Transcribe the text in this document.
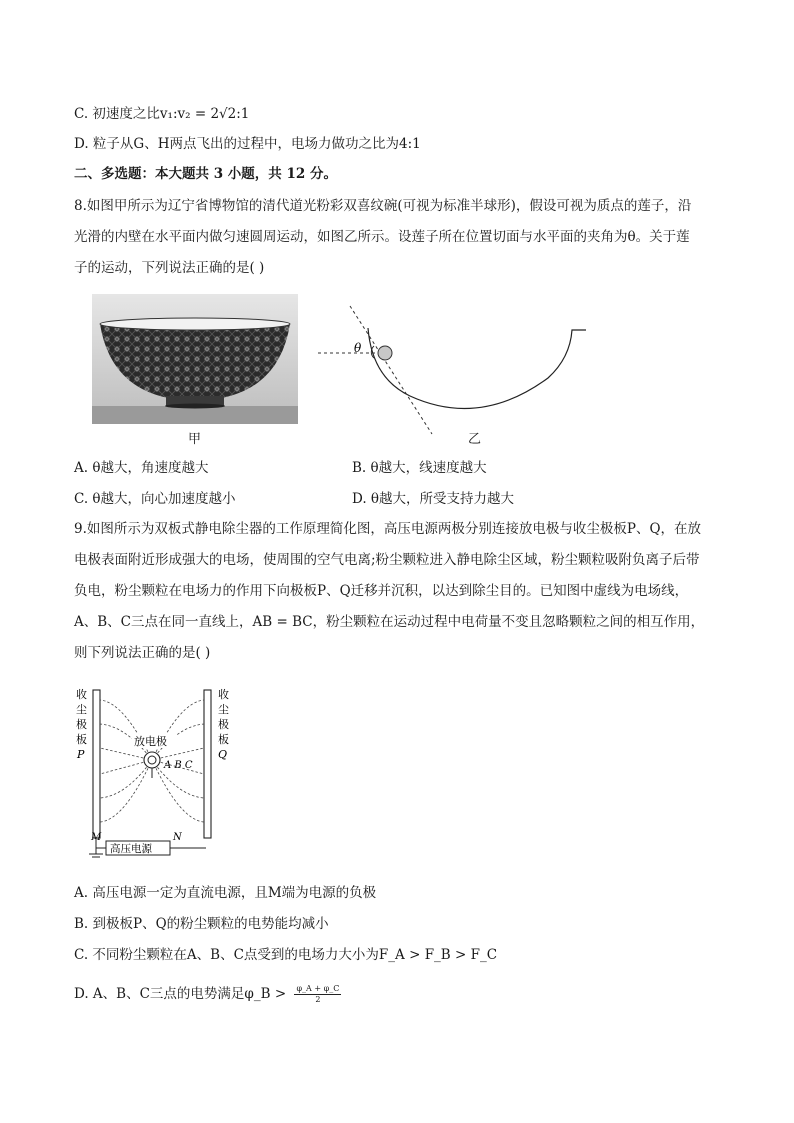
C. 初速度之比v₁:v₂ = 2√2:1
D. 粒子从G、H两点飞出的过程中，电场力做功之比为4:1
二、多选题：本大题共 3 小题，共 12 分。
8.如图甲所示为辽宁省博物馆的清代道光粉彩双喜纹碗(可视为标准半球形)，假设可视为质点的莲子，沿
光滑的内壁在水平面内做匀速圆周运动，如图乙所示。设莲子所在位置切面与水平面的夹角为θ。关于莲
子的运动，下列说法正确的是( )
甲
θ
乙
A. θ越大，角速度越大	B. θ越大，线速度越大
C. θ越大，向心加速度越小	D. θ越大，所受支持力越大
9.如图所示为双板式静电除尘器的工作原理简化图，高压电源两极分别连接放电极与收尘极板P、Q，在放
电极表面附近形成强大的电场，使周围的空气电离;粉尘颗粒进入静电除尘区域，粉尘颗粒吸附负离子后带
负电，粉尘颗粒在电场力的作用下向极板P、Q迁移并沉积，以达到除尘目的。已知图中虚线为电场线，
A、B、C三点在同一直线上，AB = BC，粉尘颗粒在运动过程中电荷量不变且忽略颗粒之间的相互作用，
则下列说法正确的是( )
收
尘
极
板
P
收
尘
极
板
Q
放电极
A B C
高压电源
M	N
A. 高压电源一定为直流电源，且M端为电源的负极
B. 到极板P、Q的粉尘颗粒的电势能均减小
C. 不同粉尘颗粒在A、B、C点受到的电场力大小为F_A > F_B > F_C
D. A、B、C三点的电势满足φ_B > $\frac{\varphi\_A + \varphi\_C}{2}$
